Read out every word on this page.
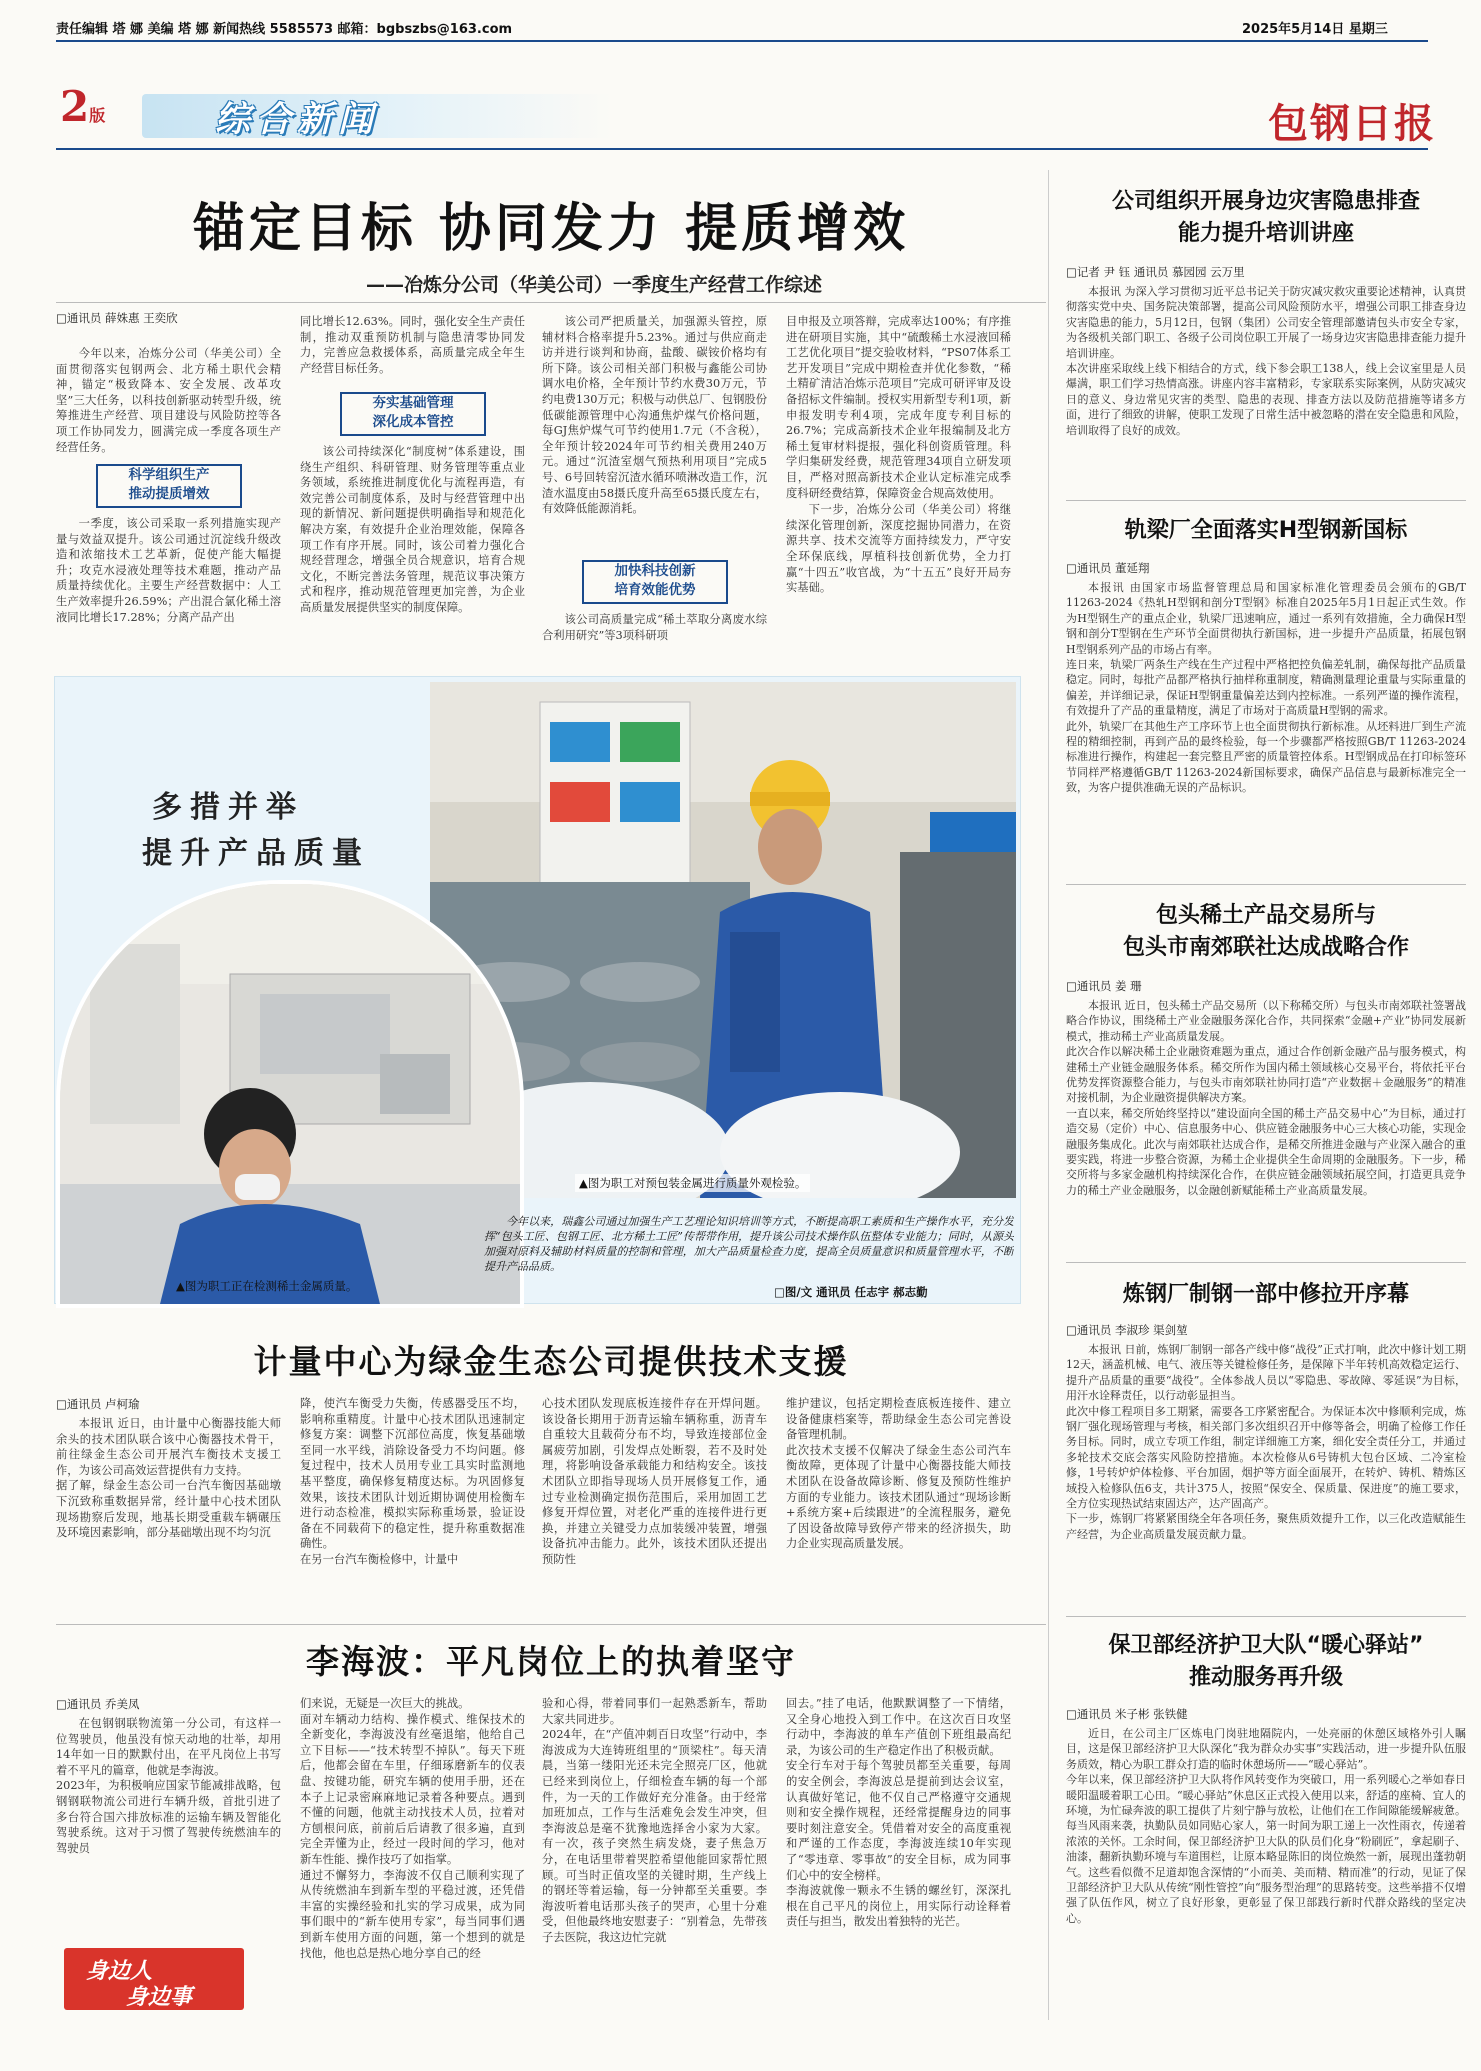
责任编辑 塔 娜 美编 塔 娜 新闻热线 5585573 邮箱：bgbszbs@163.com	2025年5月14日 星期三
2版	综合新闻	包钢日报
锚定目标 协同发力 提质增效
——冶炼分公司（华美公司）一季度生产经营工作综述
□通讯员 薛姝惠 王奕欣

今年以来，冶炼分公司（华美公司）全面贯彻落实包钢两会、北方稀土职代会精神，锚定“极致降本、安全发展、改革攻坚”三大任务，以科技创新驱动转型升级，统筹推进生产经营、项目建设与风险防控等各项工作协同发力，圆满完成一季度各项生产经营任务。

科学组织生产
推动提质增效

一季度，该公司采取一系列措施实现产量与效益双提升。该公司通过沉淀线升级改造和浓缩技术工艺革新，促使产能大幅提升；攻克水浸液处理等技术难题，推动产品质量持续优化。主要生产经营数据中：人工生产效率提升26.59%；产出混合氯化稀土溶液同比增长17.28%；分离产品产出

同比增长12.63%。同时，强化安全生产责任制，推动双重预防机制与隐患清零协同发力，完善应急救援体系，高质量完成全年生产经营目标任务。

夯实基础管理
深化成本管控

该公司持续深化“制度树”体系建设，围绕生产组织、科研管理、财务管理等重点业务领域，系统推进制度优化与流程再造，有效完善公司制度体系，及时与经营管理中出现的新情况、新问题提供明确指导和规范化解决方案，有效提升企业治理效能，保障各项工作有序开展。同时，该公司着力强化合规经营理念，增强全员合规意识，培育合规文化，不断完善法务管理，规范议事决策方式和程序，推动规范管理更加完善，为企业高质量发展提供坚实的制度保障。

该公司严把质量关，加强源头管控，原辅材料合格率提升5.23%。通过与供应商走访并进行谈判和协商，盐酸、碳铵价格均有所下降。该公司相关部门积极与鑫能公司协调水电价格，全年预计节约水费30万元，节约电费130万元；积极与动供总厂、包钢股份低碳能源管理中心沟通焦炉煤气价格问题，每GJ焦炉煤气可节约使用1.7元（不含税），全年预计较2024年可节约相关费用240万元。通过“沉渣室烟气预热利用项目”完成5号、6号回转窑沉渣水循环喷淋改造工作，沉渣水温度由58摄氏度升高至65摄氏度左右，有效降低能源消耗。

加快科技创新
培育效能优势

该公司高质量完成“稀土萃取分离废水综合利用研究”等3项科研项

目申报及立项答辩，完成率达100%；有序推进在研项目实施，其中“硫酸稀土水浸液回稀工艺优化项目”提交验收材料，“PS07体系工艺开发项目”完成中期检查并优化参数，“稀土精矿清洁冶炼示范项目”完成可研评审及设备招标文件编制。授权实用新型专利1项，新申报发明专利4项，完成年度专利目标的26.7%；完成高新技术企业年报编制及北方稀土复审材料提报，强化科创资质管理。科学归集研发经费，规范管理34项自立研发项目，严格对照高新技术企业认定标准完成季度科研经费结算，保障资金合规高效使用。

下一步，冶炼分公司（华美公司）将继续深化管理创新，深度挖掘协同潜力，在资源共享、技术交流等方面持续发力，严守安全环保底线，厚植科技创新优势，全力打赢“十四五”收官战，为“十五五”良好开局夯实基础。

▲图为职工对预包装金属进行质量外观检验。
多措并举
提升产品质量
▲图为职工正在检测稀土金属质量。

今年以来，瑞鑫公司通过加强生产工艺理论知识培训等方式，不断提高职工素质和生产操作水平，充分发挥“包头工匠、包钢工匠、北方稀土工匠”传帮带作用，提升该公司技术操作队伍整体专业能力；同时，从源头加强对原料及辅助材料质量的控制和管理，加大产品质量检查力度，提高全员质量意识和质量管理水平，不断提升产品品质。

□图/文 通讯员 任志宇 郝志勤
计量中心为绿金生态公司提供技术支援
□通讯员 卢柯瑜

本报讯 近日，由计量中心衡器技能大师余头的技术团队联合该中心衡器技术骨干，前往绿金生态公司开展汽车衡技术支援工作，为该公司高效运营提供有力支持。
据了解，绿金生态公司一台汽车衡因基础墩下沉致称重数据异常，经计量中心技术团队现场勘察后发现，地基长期受重载车辆碾压及环境因素影响，部分基础墩出现不均匀沉

降，使汽车衡受力失衡，传感器受压不均，影响称重精度。计量中心技术团队迅速制定修复方案：调整下沉部位高度，恢复基础墩至同一水平线，消除设备受力不均问题。修复过程中，技术人员用专业工具实时监测地基平整度，确保修复精度达标。为巩固修复效果，该技术团队计划近期协调使用检衡车进行动态检准，模拟实际称重场景，验证设备在不同载荷下的稳定性，提升称重数据准确性。
在另一台汽车衡检修中，计量中

心技术团队发现底板连接件存在开焊问题。该设备长期用于沥青运输车辆称重，沥青车自重较大且载荷分布不均，导致连接部位金属疲劳加剧，引发焊点处断裂，若不及时处理，将影响设备承载能力和结构安全。该技术团队立即指导现场人员开展修复工作，通过专业检测确定损伤范围后，采用加固工艺修复开焊位置，对老化严重的连接件进行更换，并建立关键受力点加装缓冲装置，增强设备抗冲击能力。此外，该技术团队还提出预防性

维护建议，包括定期检查底板连接件、建立设备健康档案等，帮助绿金生态公司完善设备管理机制。
此次技术支援不仅解决了绿金生态公司汽车衡故障，更体现了计量中心衡器技能大师技术团队在设备故障诊断、修复及预防性维护方面的专业能力。该技术团队通过“现场诊断+系统方案+后续跟进”的全流程服务，避免了因设备故障导致停产带来的经济损失，助力企业实现高质量发展。

李海波：平凡岗位上的执着坚守
□通讯员 乔美凤

在包钢钢联物流第一分公司，有这样一位驾驶员，他虽没有惊天动地的壮举，却用14年如一日的默默付出，在平凡岗位上书写着不平凡的篇章，他就是李海波。
2023年，为积极响应国家节能减排战略，包钢钢联物流公司进行车辆升级，首批引进了多台符合国六排放标准的运输车辆及智能化驾驶系统。这对于习惯了驾驶传统燃油车的驾驶员

身边人
身边事

们来说，无疑是一次巨大的挑战。
面对车辆动力结构、操作模式、维保技术的全新变化，李海波没有丝毫退缩，他给自己立下目标——“技术转型不掉队”。每天下班后，他都会留在车里，仔细琢磨新车的仪表盘、按键功能，研究车辆的使用手册，还在本子上记录密麻麻地记录着各种要点。遇到不懂的问题，他就主动找技术人员，拉着对方刨根问底，前前后后请教了很多遍，直到完全弄懂为止，经过一段时间的学习，他对新车性能、操作技巧了如指掌。
通过不懈努力，李海波不仅自己顺利实现了从传统燃油车到新车型的平稳过渡，还凭借丰富的实操经验和扎实的学习成果，成为同事们眼中的“新车使用专家”，每当同事们遇到新车使用方面的问题，第一个想到的就是找他，他也总是热心地分享自己的经

验和心得，带着同事们一起熟悉新车，帮助大家共同进步。
2024年，在“产值冲刺百日攻坚”行动中，李海波成为大连铸班组里的“顶梁柱”。每天清晨，当第一缕阳光还未完全照亮厂区，他就已经来到岗位上，仔细检查车辆的每一个部件，为一天的工作做好充分准备。由于经常加班加点，工作与生活难免会发生冲突，但李海波总是毫不犹豫地选择舍小家为大家。有一次，孩子突然生病发烧，妻子焦急万分，在电话里带着哭腔希望他能回家帮忙照顾。可当时正值攻坚的关键时期，生产线上的钢坯等着运输，每一分钟都至关重要。李海波听着电话那头孩子的哭声，心里十分难受，但他最终地安慰妻子：“别着急，先带孩子去医院，我这边忙完就

回去。”挂了电话，他默默调整了一下情绪，又全身心地投入到工作中。在这次百日攻坚行动中，李海波的单车产值创下班组最高纪录，为该公司的生产稳定作出了积极贡献。
安全行车对于每个驾驶员都至关重要，每周的安全例会，李海波总是提前到达会议室，认真做好笔记，他不仅自己严格遵守交通规则和安全操作规程，还经常提醒身边的同事要时刻注意安全。凭借着对安全的高度重视和严谨的工作态度，李海波连续10年实现了“零违章、零事故”的安全目标，成为同事们心中的安全榜样。
李海波就像一颗永不生锈的螺丝钉，深深扎根在自己平凡的岗位上，用实际行动诠释着责任与担当，散发出着独特的光芒。

公司组织开展身边灾害隐患排查
能力提升培训讲座
□记者 尹 钰 通讯员 慕园园 云万里

本报讯 为深入学习贯彻习近平总书记关于防灾减灾救灾重要论述精神，认真贯彻落实党中央、国务院决策部署，提高公司风险预防水平，增强公司职工排查身边灾害隐患的能力，5月12日，包钢（集团）公司安全管理部邀请包头市安全专家，为各级机关部门职工、各级子公司岗位职工开展了一场身边灾害隐患排查能力提升培训讲座。
本次讲座采取线上线下相结合的方式，线下参会职工138人，线上会议室里是人员爆满，职工们学习热情高涨。讲座内容丰富精彩，专家联系实际案例，从防灾减灾日的意义、身边常见灾害的类型、隐患的表现、排查方法以及防范措施等诸多方面，进行了细致的讲解，使职工发现了日常生活中被忽略的潜在安全隐患和风险，培训取得了良好的成效。

轨梁厂全面落实H型钢新国标
□通讯员 董延翔

本报讯 由国家市场监督管理总局和国家标准化管理委员会颁布的GB/T 11263-2024《热轧H型钢和剖分T型钢》标准自2025年5月1日起正式生效。作为H型钢生产的重点企业，轨梁厂迅速响应，通过一系列有效措施，全力确保H型钢和剖分T型钢在生产环节全面贯彻执行新国标，进一步提升产品质量，拓展包钢H型钢系列产品的市场占有率。
连日来，轨梁厂两条生产线在生产过程中严格把控负偏差轧制，确保每批产品质量稳定。同时，每批产品都严格执行抽样称重制度，精确测量理论重量与实际重量的偏差，并详细记录，保证H型钢重量偏差达到内控标准。一系列严谨的操作流程，有效提升了产品的重量精度，满足了市场对于高质量H型钢的需求。
此外，轨梁厂在其他生产工序环节上也全面贯彻执行新标准。从坯料进厂到生产流程的精细控制，再到产品的最终检验，每一个步骤都严格按照GB/T 11263-2024标准进行操作，构建起一套完整且严密的质量管控体系。H型钢成品在打印标签环节同样严格遵循GB/T 11263-2024新国标要求，确保产品信息与最新标准完全一致，为客户提供准确无误的产品标识。

包头稀土产品交易所与
包头市南郊联社达成战略合作
□通讯员 姜 珊

本报讯 近日，包头稀土产品交易所（以下称稀交所）与包头市南郊联社签署战略合作协议，围绕稀土产业金融服务深化合作，共同探索“金融+产业”协同发展新模式，推动稀土产业高质量发展。
此次合作以解决稀土企业融资难题为重点，通过合作创新金融产品与服务模式，构建稀土产业链金融服务体系。稀交所作为国内稀土领域核心交易平台，将依托平台优势发挥资源整合能力，与包头市南郊联社协同打造“产业数据＋金融服务”的精准对接机制，为企业融资提供解决方案。
一直以来，稀交所始终坚持以“建设面向全国的稀土产品交易中心”为目标，通过打造交易（定价）中心、信息服务中心、供应链金融服务中心三大核心功能，实现金融服务集成化。此次与南郊联社达成合作，是稀交所推进金融与产业深入融合的重要实践，将进一步整合资源，为稀土企业提供全生命周期的金融服务。下一步，稀交所将与多家金融机构持续深化合作，在供应链金融领域拓展空间，打造更具竞争力的稀土产业金融服务，以金融创新赋能稀土产业高质量发展。

炼钢厂制钢一部中修拉开序幕
□通讯员 李淑珍 渠剑堃

本报讯 日前，炼钢厂制钢一部各产线中修“战役”正式打响，此次中修计划工期12天，涵盖机械、电气、液压等关键检修任务，是保障下半年转机高效稳定运行、提升产品质量的重要“战役”。全体参战人员以“零隐患、零故障、零延误”为目标，用汗水诠释责任，以行动彰显担当。
此次中修工程项目多工期紧，需要各工序紧密配合。为保证本次中修顺利完成，炼钢厂强化现场管理与考核，相关部门多次组织召开中修等备会，明确了检修工作任务目标。同时，成立专项工作组，制定详细施工方案，细化安全责任分工，并通过多轮技术交底会落实风险防控措施。本次检修从6号铸机大包台区域、二冷室检修，1号转炉炉体检修、平台加固，烟护等方面全面展开，在转炉、铸机、精炼区域投入检修队伍6支，共计375人，按照“保安全、保质量、保进度”的施工要求，全方位实现热试结束固达产，达产固高产。
下一步，炼钢厂将紧紧围绕全年各项任务，聚焦质效提升工作，以三化改造赋能生产经营，为企业高质量发展贡献力量。

保卫部经济护卫大队“暖心驿站”
推动服务再升级
□通讯员 米子彬 张铁健

近日，在公司主厂区炼电门岗驻地隔院内，一处亮丽的休憩区域格外引人瞩目，这是保卫部经济护卫大队深化“我为群众办实事”实践活动，进一步提升队伍服务质效，精心为职工群众打造的临时休憩场所——“暖心驿站”。
今年以来，保卫部经济护卫大队将作风转变作为突破口，用一系列暖心之举如春日暖阳温暖着职工心田。“暖心驿站”休息区正式投入使用以来，舒适的座椅、宜人的环境，为忙碌奔波的职工提供了片刻宁静与放松，让他们在工作间隙能缓解疲惫。每当风雨来袭，执勤队员如同贴心家人，第一时间为职工递上一次性雨衣，传递着浓浓的关怀。工余时间，保卫部经济护卫大队的队员们化身“粉刷匠”，拿起刷子、油漆，翻新执勤环境与车道围栏，让原本略显陈旧的岗位焕然一新，展现出蓬勃朝气。这些看似微不足道却饱含深情的“小而美、美而精、精而准”的行动，见证了保卫部经济护卫大队从传统“刚性管控”向“服务型治理”的思路转变。这些举措不仅增强了队伍作风，树立了良好形象，更彰显了保卫部践行新时代群众路线的坚定决心。
